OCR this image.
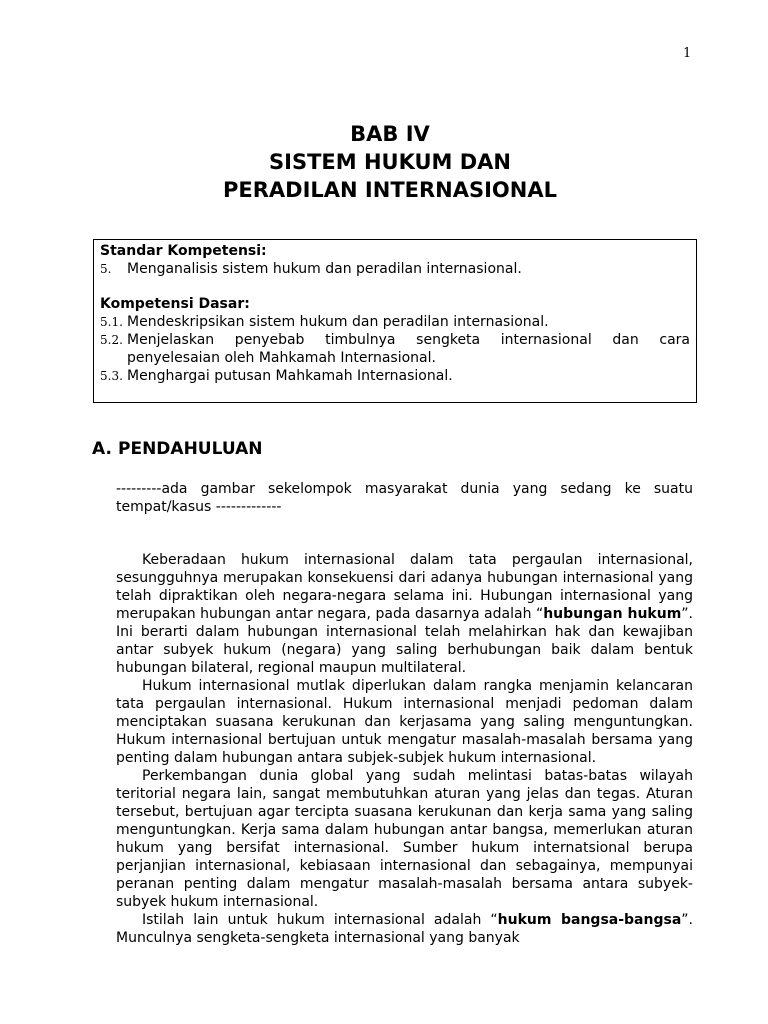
1
BAB IV
SISTEM HUKUM DAN
PERADILAN INTERNASIONAL
Standar Kompetensi:
5.	Menganalisis sistem hukum dan peradilan internasional.
Kompetensi Dasar:
5.1. Mendeskripsikan sistem hukum dan peradilan internasional.
5.2. Menjelaskan penyebab timbulnya sengketa internasional dan cara penyelesaian oleh Mahkamah Internasional.
5.3. Menghargai putusan Mahkamah Internasional.
A. PENDAHULUAN
---------ada gambar sekelompok masyarakat dunia yang sedang ke suatu tempat/kasus -------------

Keberadaan hukum internasional dalam tata pergaulan internasional, sesungguhnya merupakan konsekuensi dari adanya hubungan internasional yang telah dipraktikan oleh negara-negara selama ini. Hubungan internasional yang merupakan hubungan antar negara, pada dasarnya adalah “hubungan hukum”. Ini berarti dalam hubungan internasional telah melahirkan hak dan kewajiban antar subyek hukum (negara) yang saling berhubungan baik dalam bentuk hubungan bilateral, regional maupun multilateral.

Hukum internasional mutlak diperlukan dalam rangka menjamin kelancaran tata pergaulan internasional. Hukum internasional menjadi pedoman dalam menciptakan suasana kerukunan dan kerjasama yang saling menguntungkan. Hukum internasional bertujuan untuk mengatur masalah-masalah bersama yang penting dalam hubungan antara subjek-subjek hukum internasional.

Perkembangan dunia global yang sudah melintasi batas-batas wilayah teritorial negara lain, sangat membutuhkan aturan yang jelas dan tegas. Aturan tersebut, bertujuan agar tercipta suasana kerukunan dan kerja sama yang saling menguntungkan. Kerja sama dalam hubungan antar bangsa, memerlukan aturan hukum yang bersifat internasional. Sumber hukum internatsional berupa perjanjian internasional, kebiasaan internasional dan sebagainya, mempunyai peranan penting dalam mengatur masalah-masalah bersama antara subyek-subyek hukum internasional.

Istilah lain untuk hukum internasional adalah “hukum bangsa-bangsa”. Munculnya sengketa-sengketa internasional yang banyak
